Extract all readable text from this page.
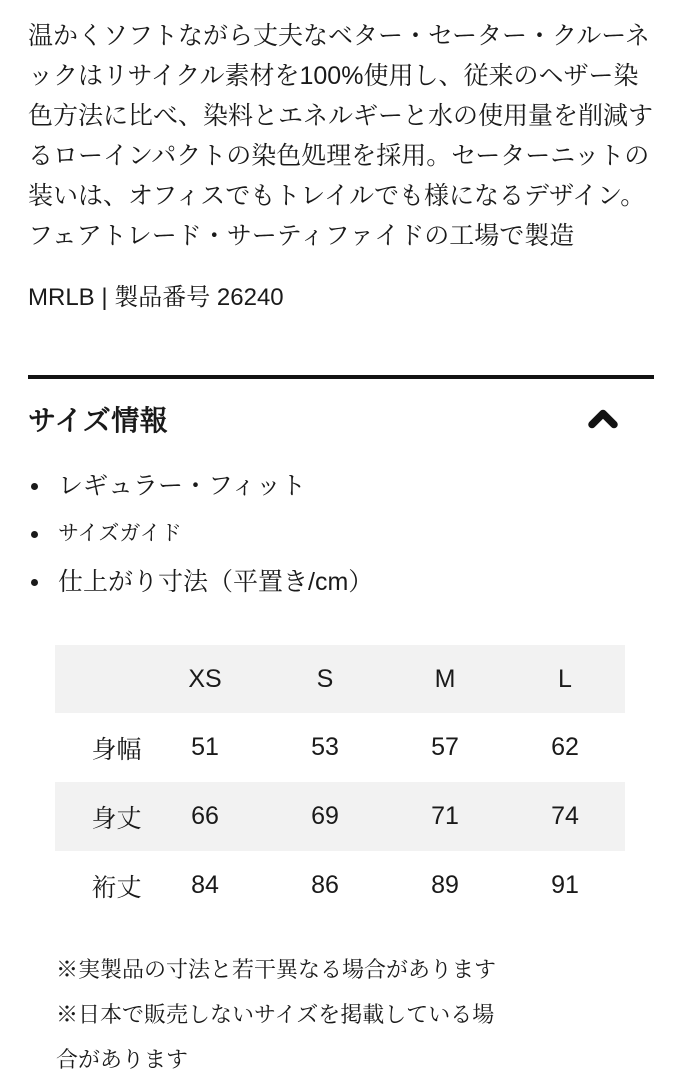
温かくソフトながら丈夫なベター・セーター・クルーネ
ックはリサイクル素材を100%使用し、従来のヘザー染
色方法に比べ、染料とエネルギーと水の使用量を削減す
るローインパクトの染色処理を採用。セーターニットの
装いは、オフィスでもトレイルでも様になるデザイン。
フェアトレード・サーティファイドの工場で製造
MRLB | 製品番号 26240
サイズ情報
レギュラー・フィット
サイズガイド
仕上がり寸法（平置き/cm）
	XS	S	M	L
身幅	51	53	57	62
身丈	66	69	71	74
裄丈	84	86	89	91
※実製品の寸法と若干異なる場合があります
※日本で販売しないサイズを掲載している場
合があります
